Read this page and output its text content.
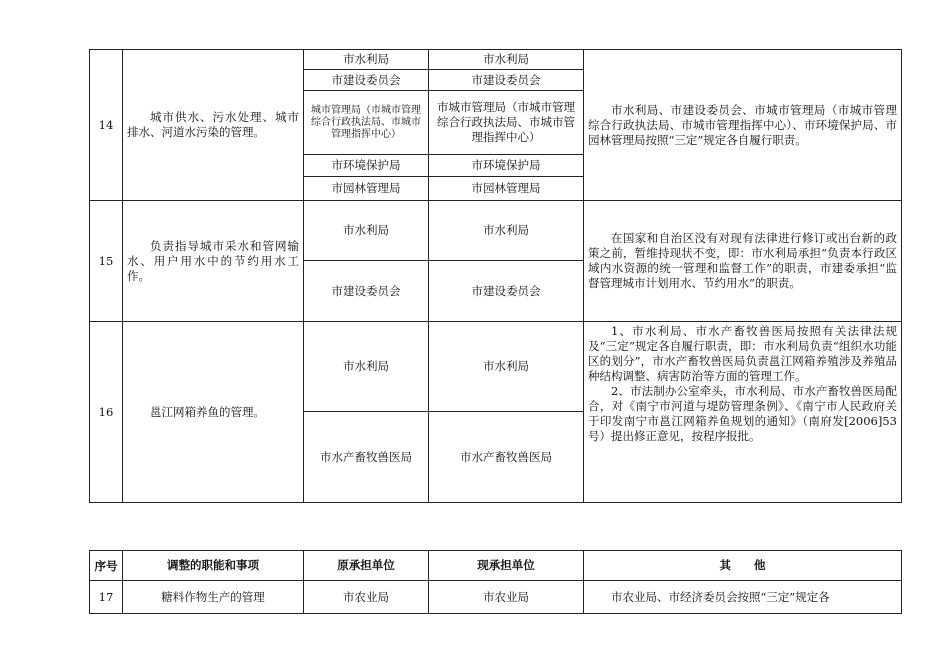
14	城市供水、污水处理、城市排水、河道水污染的管理。	市水利局	市水利局	市水利局、市建设委员会、市城市管理局（市城市管理综合行政执法局、市城市管理指挥中心）、市环境保护局、市园林管理局按照“三定”规定各自履行职责。
		市建设委员会	市建设委员会	
		城市管理局（市城市管理综合行政执法局、市城市管理指挥中心）	市城市管理局（市城市管理综合行政执法局、市城市管理指挥中心）	
		市环境保护局	市环境保护局	
		市园林管理局	市园林管理局	
15	负责指导城市采水和管网输水、用户用水中的节约用水工作。	市水利局	市水利局	在国家和自治区没有对现有法律进行修订或出台新的政策之前，暂维持现状不变，即：市水利局承担“负责本行政区域内水资源的统一管理和监督工作”的职责，市建委承担“监督管理城市计划用水、节约用水”的职责。
		市建设委员会	市建设委员会	
16	邕江网箱养鱼的管理。	市水利局	市水利局	1、市水利局、市水产畜牧兽医局按照有关法律法规及“三定”规定各自履行职责，即：市水利局负责“组织水功能区的划分”，市水产畜牧兽医局负责邕江网箱养殖涉及养殖品种结构调整、病害防治等方面的管理工作。
2、市法制办公室牵头，市水利局、市水产畜牧兽医局配合，对《南宁市河道与堤防管理条例》、《南宁市人民政府关于印发南宁市邕江网箱养鱼规划的通知》（南府发[2006]53号）提出修正意见，按程序报批。

		市水产畜牧兽医局	市水产畜牧兽医局	
序号	调整的职能和事项	原承担单位	现承担单位	其　　他
17	糖料作物生产的管理	市农业局	市农业局	市农业局、市经济委员会按照“三定”规定各
